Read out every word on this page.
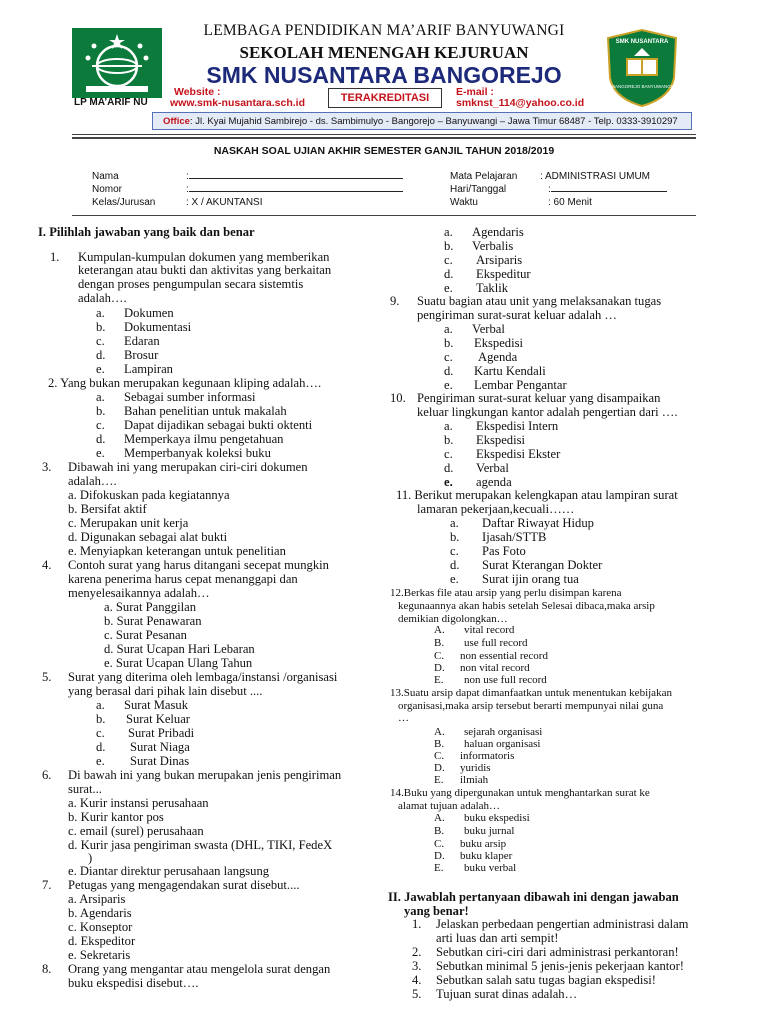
LP MA’ARIF NU
LEMBAGA PENDIDIKAN MA’ARIF BANYUWANGI
SEKOLAH MENENGAH KEJURUAN
SMK NUSANTARA BANGOREJO
SMK NUSANTARA
BANGOREJO BANYUWANGI
Website :
www.smk-nusantara.sch.id	TERAKREDITASI	E-mail :
smknst_114@yahoo.co.id
Office: Jl. Kyai Mujahid Sambirejo - ds. Sambimulyo - Bangorejo – Banyuwangi – Jawa Timur 68487 - Telp. 0333-3910297
NASKAH SOAL UJIAN AKHIR SEMESTER GANJIL TAHUN 2018/2019
Nama	:
Nomor	:
Kelas/Jurusan	: X / AKUNTANSI
Mata Pelajaran : ADMINISTRASI UMUM
Hari/Tanggal	:
Waktu	: 60 Menit
I. Pilihlah jawaban yang baik dan benar
1. Kumpulan-kumpulan dokumen yang memberikan
keterangan atau bukti dan aktivitas yang berkaitan
dengan proses pengumpulan secara sistemtis
adalah….
a. Dokumen
b. Dokumentasi
c. Edaran
d. Brosur
e. Lampiran
2. Yang bukan merupakan kegunaan kliping adalah….
a. Sebagai sumber informasi
b. Bahan penelitian untuk makalah
c. Dapat dijadikan sebagai bukti oktenti
d. Memperkaya ilmu pengetahuan
e. Memperbanyak koleksi buku
3. Dibawah ini yang merupakan ciri-ciri dokumen
adalah….
a. Difokuskan pada kegiatannya
b. Bersifat aktif
c. Merupakan unit kerja
d. Digunakan sebagai alat bukti
e. Menyiapkan keterangan untuk penelitian
4. Contoh surat yang harus ditangani secepat mungkin
karena penerima harus cepat menanggapi dan
menyelesaikannya adalah…
a. Surat Panggilan
b. Surat Penawaran
c. Surat Pesanan
d. Surat Ucapan Hari Lebaran
e. Surat Ucapan Ulang Tahun
5. Surat yang diterima oleh lembaga/instansi /organisasi
yang berasal dari pihak lain disebut ....
a. Surat Masuk
b. Surat Keluar
c. Surat Pribadi
d. Surat Niaga
e. Surat Dinas
6. Di bawah ini yang bukan merupakan jenis pengiriman
surat...
a. Kurir instansi perusahaan
b. Kurir kantor pos
c. email (surel) perusahaan
d. Kurir jasa pengiriman swasta (DHL, TIKI, FedeX
)
e. Diantar direktur perusahaan langsung
7. Petugas yang mengagendakan surat disebut....
a. Arsiparis
b. Agendaris
c. Konseptor
d. Ekspeditor
e. Sekretaris
8. Orang yang mengantar atau mengelola surat dengan
buku ekspedisi disebut….
a. Agendaris
b. Verbalis
c. Arsiparis
d. Ekspeditur
e. Taklik
9. Suatu bagian atau unit yang melaksanakan tugas
pengiriman surat-surat keluar adalah …
a. Verbal
b. Ekspedisi
c. Agenda
d. Kartu Kendali
e. Lembar Pengantar
10. Pengiriman surat-surat keluar yang disampaikan
keluar lingkungan kantor adalah pengertian dari ….
a. Ekspedisi Intern
b. Ekspedisi
c. Ekspedisi Ekster
d. Verbal
e. agenda
11. Berikut merupakan kelengkapan atau lampiran surat
lamaran pekerjaan,kecuali……
a. Daftar Riwayat Hidup
b. Ijasah/STTB
c. Pas Foto
d. Surat Kterangan Dokter
e. Surat ijin orang tua
12.Berkas file atau arsip yang perlu disimpan karena
kegunaannya akan habis setelah Selesai dibaca,maka arsip
demikian digolongkan…
A. vital record
B. use full record
C. non essential record
D. non vital record
E. non use full record
13.Suatu arsip dapat dimanfaatkan untuk menentukan kebijakan
organisasi,maka arsip tersebut berarti mempunyai nilai guna
…
A. sejarah organisasi
B. haluan organisasi
C. informatoris
D. yuridis
E. ilmiah
14.Buku yang dipergunakan untuk menghantarkan surat ke
alamat tujuan adalah…
A. buku ekspedisi
B. buku jurnal
C. buku arsip
D. buku klaper
E. buku verbal
II. Jawablah pertanyaan dibawah ini dengan jawaban
yang benar!
1. Jelaskan perbedaan pengertian administrasi dalam
arti luas dan arti sempit!
2. Sebutkan ciri-ciri dari administrasi perkantoran!
3. Sebutkan minimal 5 jenis-jenis pekerjaan kantor!
4. Sebutkan salah satu tugas bagian ekspedisi!
5. Tujuan surat dinas adalah…
